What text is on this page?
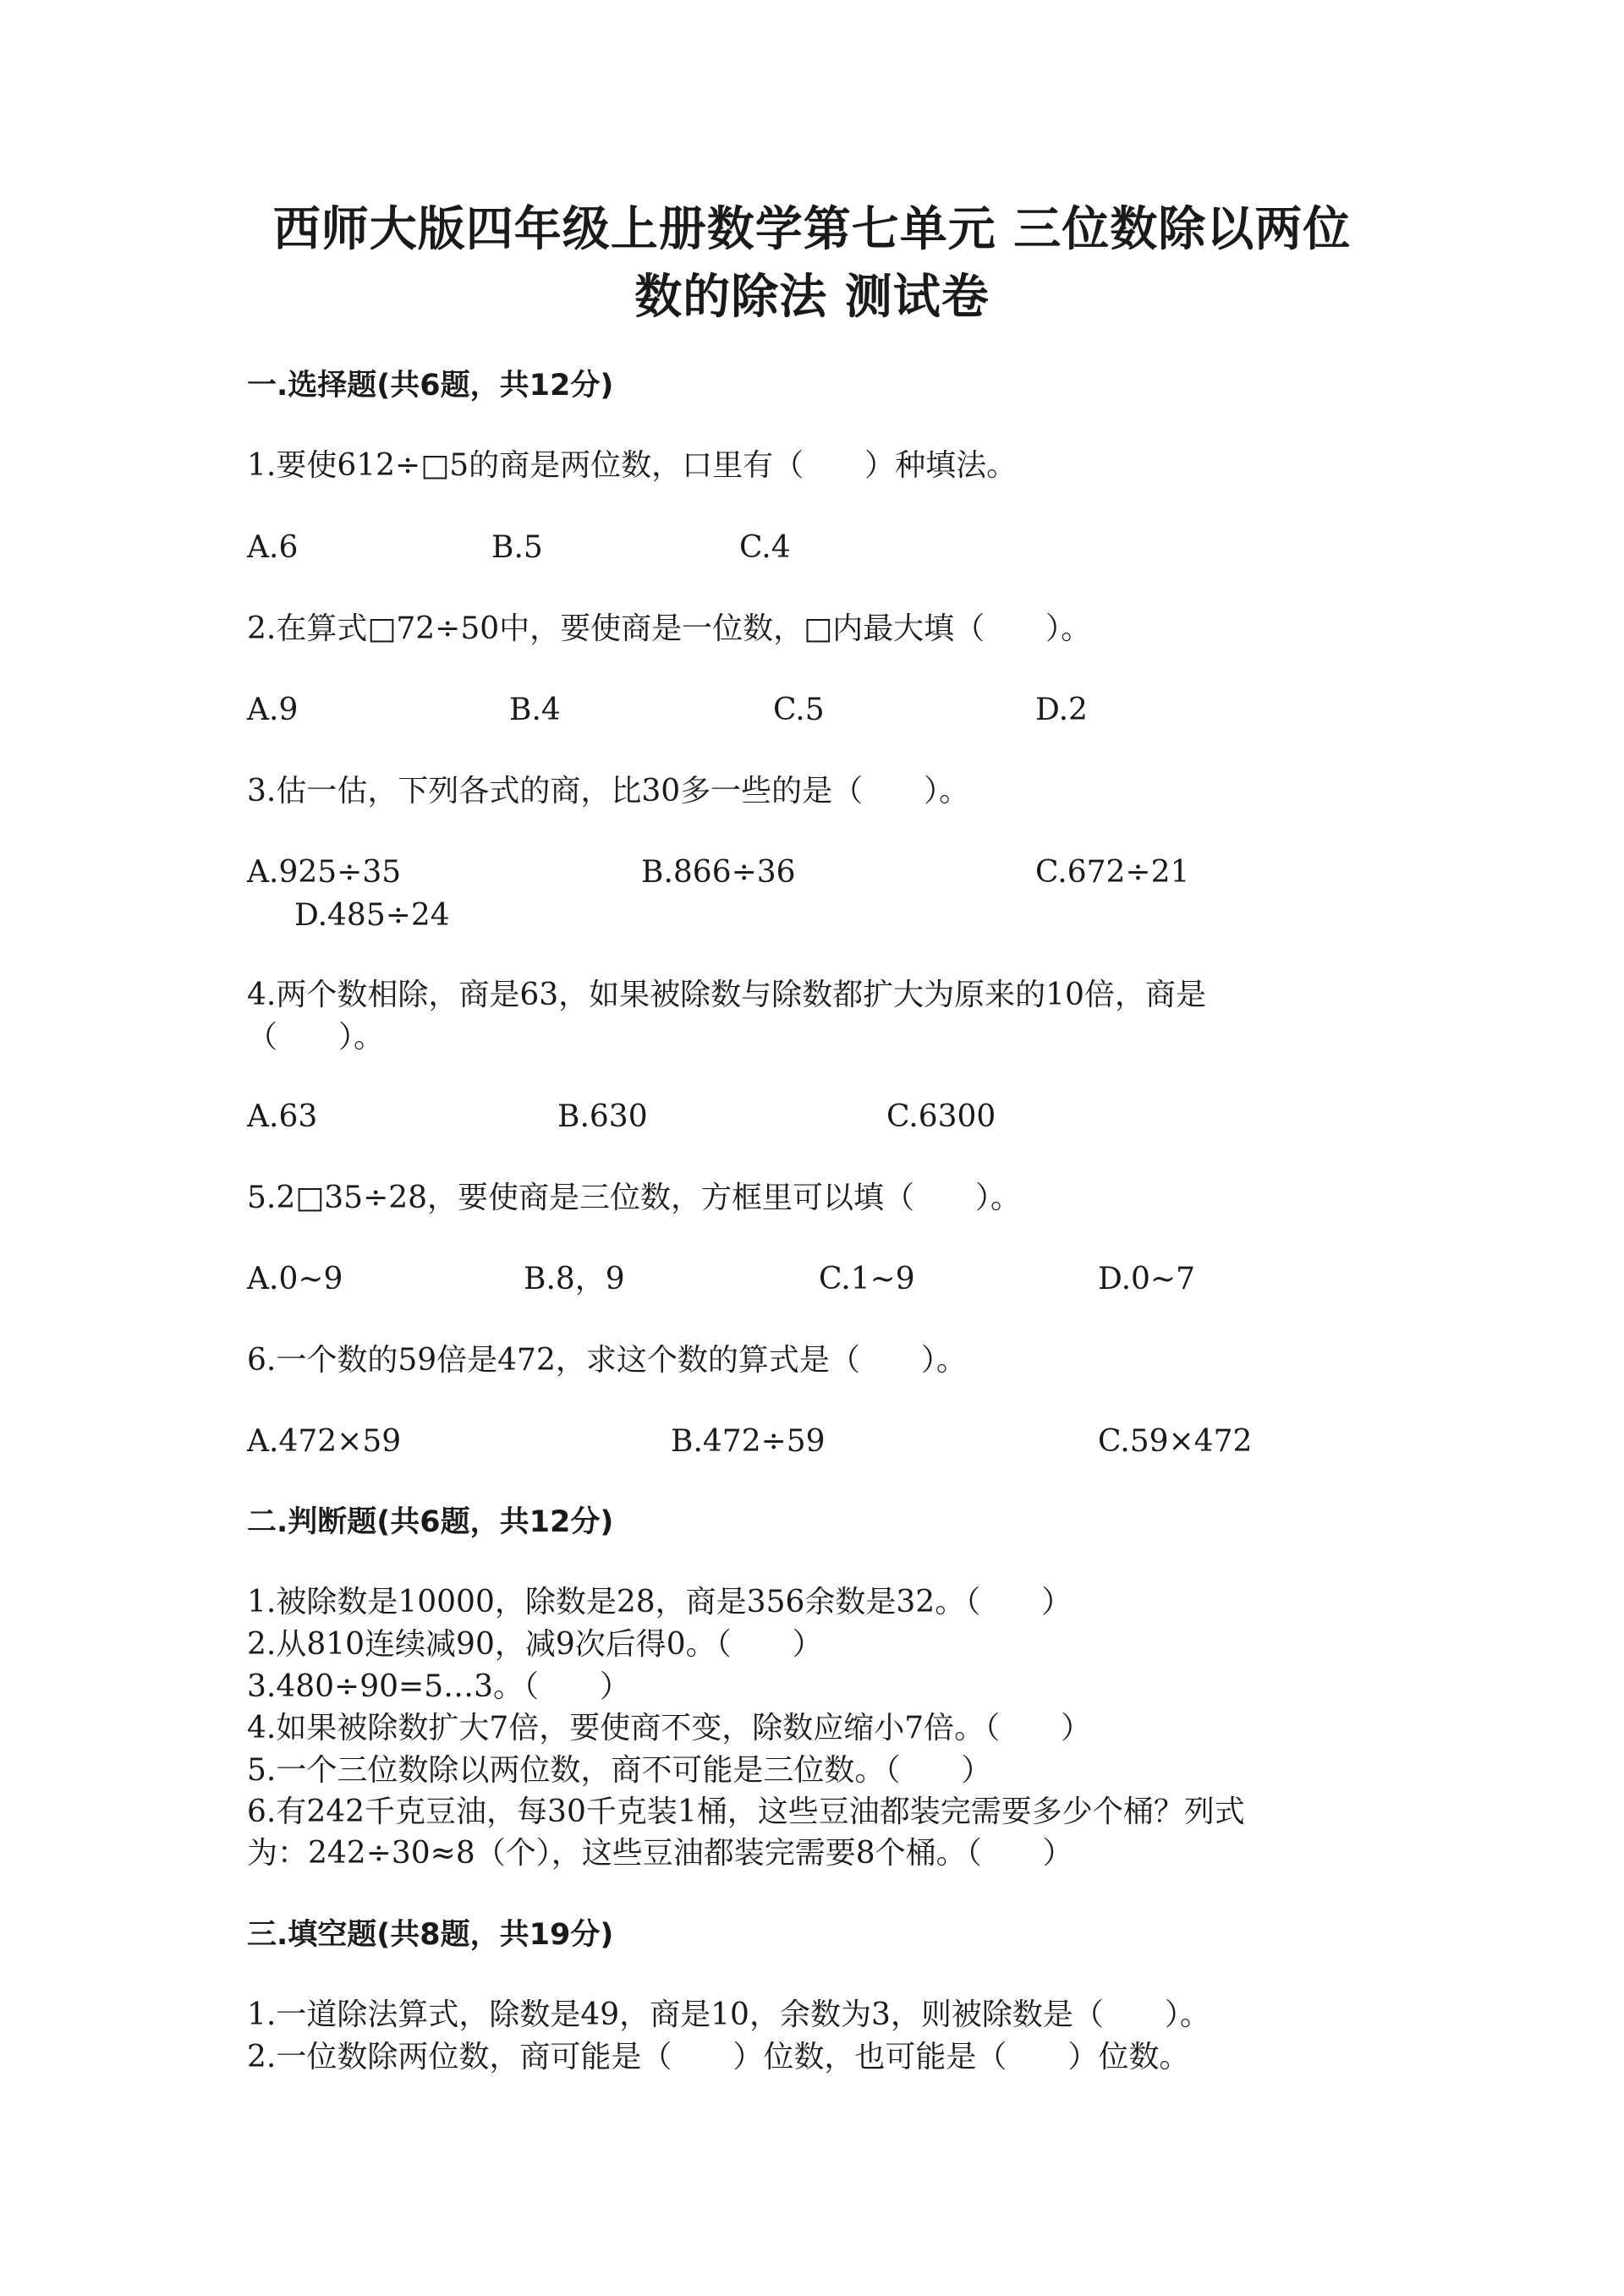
西师大版四年级上册数学第七单元 三位数除以两位
数的除法 测试卷
一.选择题(共6题，共12分)
1.要使612÷□5的商是两位数，口里有（　　）种填法。
A.6	B.5	C.4
2.在算式□72÷50中，要使商是一位数，□内最大填（　　）。
A.9	B.4	C.5	D.2
3.估一估，下列各式的商，比30多一些的是（　　）。
A.925÷35	B.866÷36	C.672÷21
D.485÷24
4.两个数相除，商是63，如果被除数与除数都扩大为原来的10倍，商是
（　　）。
A.63	B.630	C.6300
5.2□35÷28，要使商是三位数，方框里可以填（　　）。
A.0~9	B.8，9	C.1~9	D.0~7
6.一个数的59倍是472，求这个数的算式是（　　）。
A.472×59	B.472÷59	C.59×472
二.判断题(共6题，共12分)
1.被除数是10000，除数是28，商是356余数是32。（　　）
2.从810连续减90，减9次后得0。（　　）
3.480÷90=5…3。（　　）
4.如果被除数扩大7倍，要使商不变，除数应缩小7倍。（　　）
5.一个三位数除以两位数，商不可能是三位数。（　　）
6.有242千克豆油，每30千克装1桶，这些豆油都装完需要多少个桶？列式
为：242÷30≈8（个），这些豆油都装完需要8个桶。（　　）
三.填空题(共8题，共19分)
1.一道除法算式，除数是49，商是10，余数为3，则被除数是（　　）。
2.一位数除两位数，商可能是（　　）位数，也可能是（　　）位数。
